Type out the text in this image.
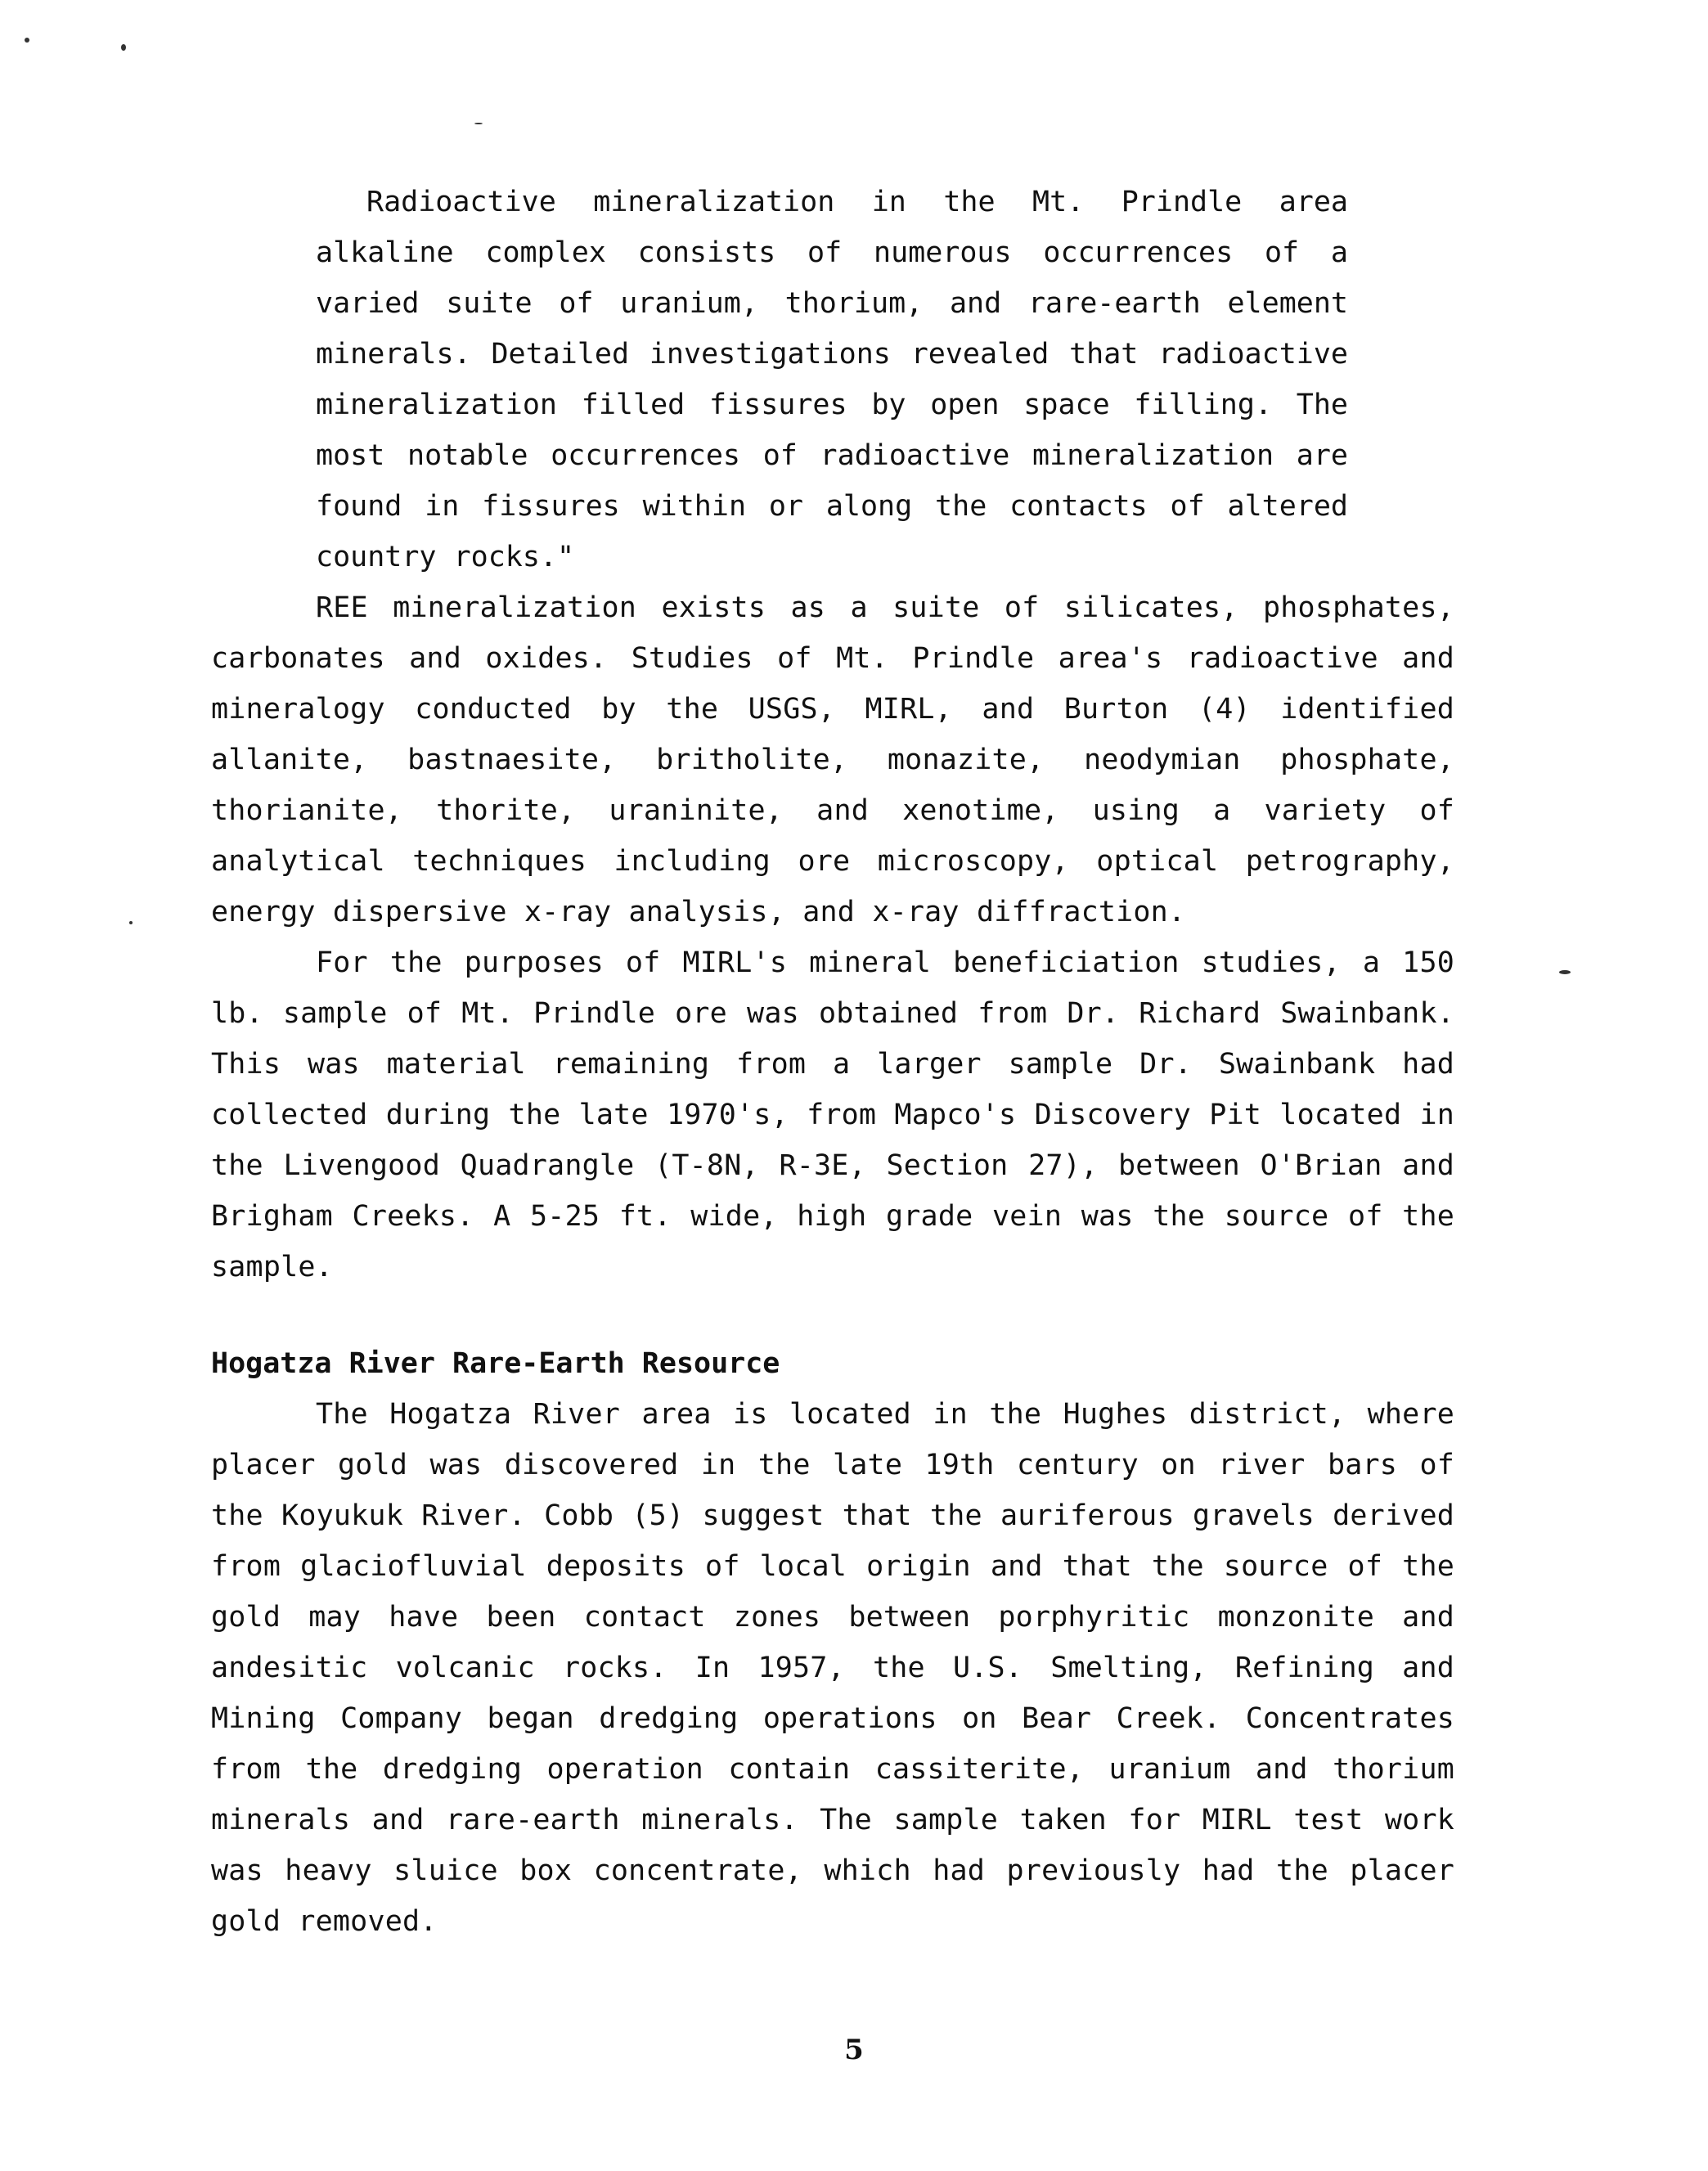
Radioactive mineralization in the Mt. Prindle area alkaline complex consists of numerous occurrences of a varied suite of uranium, thorium, and rare-earth element minerals. Detailed investigations revealed that radioactive mineralization filled fissures by open space filling. The most notable occurrences of radioactive mineralization are found in fissures within or along the contacts of altered country rocks."

REE mineralization exists as a suite of silicates, phosphates, carbonates and oxides. Studies of Mt. Prindle area's radioactive and mineralogy conducted by the USGS, MIRL, and Burton (4) identified allanite, bastnaesite, britholite, monazite, neodymian phosphate, thorianite, thorite, uraninite, and xenotime, using a variety of analytical techniques including ore microscopy, optical petrography, energy dispersive x-ray analysis, and x-ray diffraction.

For the purposes of MIRL's mineral beneficiation studies, a 150 lb. sample of Mt. Prindle ore was obtained from Dr. Richard Swainbank. This was material remaining from a larger sample Dr. Swainbank had collected during the late 1970's, from Mapco's Discovery Pit located in the Livengood Quadrangle (T-8N, R-3E, Section 27), between O'Brian and Brigham Creeks. A 5-25 ft. wide, high grade vein was the source of the sample.

Hogatza River Rare-Earth Resource

The Hogatza River area is located in the Hughes district, where placer gold was discovered in the late 19th century on river bars of the Koyukuk River. Cobb (5) suggest that the auriferous gravels derived from glaciofluvial deposits of local origin and that the source of the gold may have been contact zones between porphyritic monzonite and andesitic volcanic rocks. In 1957, the U.S. Smelting, Refining and Mining Company began dredging operations on Bear Creek. Concentrates from the dredging operation contain cassiterite, uranium and thorium minerals and rare-earth minerals. The sample taken for MIRL test work was heavy sluice box concentrate, which had previously had the placer gold removed.

5
